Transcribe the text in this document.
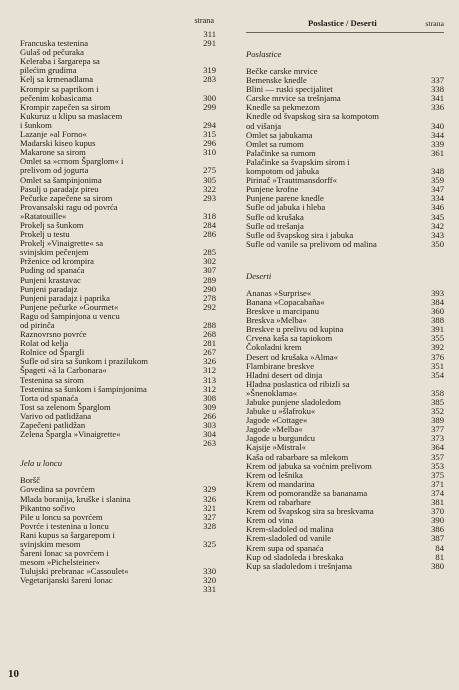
strana
311
Francuska testenina	291
Gulaš od pečuraka
Keleraba i šargarepa sa
pilećim grudima	319
Kelj sa krmenadlama	283
Krompir sa paprikom i
pečenim kobasicama	300
Krompir zapečen sa sirom	299
Kukuruz u klipu sa maslacem
i šunkom	294
Lazanje »al Forno«	315
Madarski kiseo kupus	296
Makarone sa sirom	310
Omlet sa »crnom Šparglom« i
prelivom od jogurta	275
Omlet sa šampinjonima	305
Pasulj u paradajz pireu	322
Pečurke zapečene sa sirom	293
Provansalski ragu od povrća
»Ratatouille«	318
Prokelj sa šunkom	284
Prokelj u testu	286
Prokelj »Vinaigrette« sa
svinjskim pečenjem	285
Prženice od krompira	302
Puding od spanaća	307
Punjeni krastavac	289
Punjeni paradajz	290
Punjeni paradajz i paprika	278
Punjene pečurke »Gourmet«	292
Ragu od šampinjona u vencu
od pirinča	288
Raznovrsno povrće	268
Rolat od kelja	281
Rolnice od Špargli	267
Sufle od sira sa šunkom i prazilukom	326
Špageti »á la Carbonara«	312
Testenina sa sirom	313
Testenina sa šunkom i šampinjonima	312
Torta od spanaća	308
Tost sa zelenom Šparglom	309
Varivo od patlidžana	266
Zapečeni patlidžan	303
Zelena Špargla »Vinaigrette«	304
263
Jela u loncu
Boršč
Govedina sa povrćem	329
Mlada boranija, kruške i slanina	326
Pikantno sočivo	321
Pile u loncu sa povrćem	327
Povrće i testenina u loncu	328
Rani kupus sa šargarepom i
svinjskim mesom	325
Šareni lonac sa povrćem i
mesom »Pichelsteiner«
Tulujski prebranac »Cassoulet«	330
Vegetarijanski šareni lonac	320
331
Poslastice / Deserti	strana
Poslastice
Bečke carske mrvice
Bemenske knedle	337
Blini — ruski specijalitet	338
Carske mrvice sa trešnjama	341
Knedle sa pekmezom	336
Knedle od švapskog sira sa kompotom
od višanja	340
Omlet sa jabukama	344
Omlet sa rumom	339
Palačinke sa rumom	361
Palačinke sa švapskim sirom i
kompotom od jabuka	348
Pirinač »Trauttmansdorff«	359
Punjene krofne	347
Punjene parene knedle	334
Sufle od jabuka i hleba	346
Sufle od krušaka	345
Sufle od trešanja	342
Sufle od švapskog sira i jabuka	343
Sufle od vanile sa prelivom od malina	350
Deserti
Ananas »Surprise«	393
Banana »Copacabaña«	384
Breskve u marcipanu	360
Breskva »Melba«	388
Breskve u prelivu od kupina	391
Crvena kaša sa tapiokom	355
Čokoladni krem	392
Desert od krušaka »Alma«	376
Flambirane breskve	351
Hladni desert od dinja	354
Hladna poslastica od ribizli sa
»Šnenoklama«	358
Jabuke punjene sladoledom	385
Jabuke u »šlafroku«	352
Jagode »Cottage«	389
Jagode »Melba«	377
Jagode u burgundcu	373
Kajsije »Mistral«	364
Kaša od rabarbare sa mlekom	357
Krem od jabuka sa voćnim prelivom	353
Krem od lešnika	375
Krem od mandarina	371
Krem od pomorandže sa bananama	374
Krem od rabarbare	381
Krem od švapskog sira sa breskvama	370
Krem od vina	390
Krem-sladoled od malina	386
Krem-sladoled od vanile	387
Krem supa od spanaća	84
Kup od sladoleda i breskaka	81
Kup sa sladoledom i trešnjama	380
10
